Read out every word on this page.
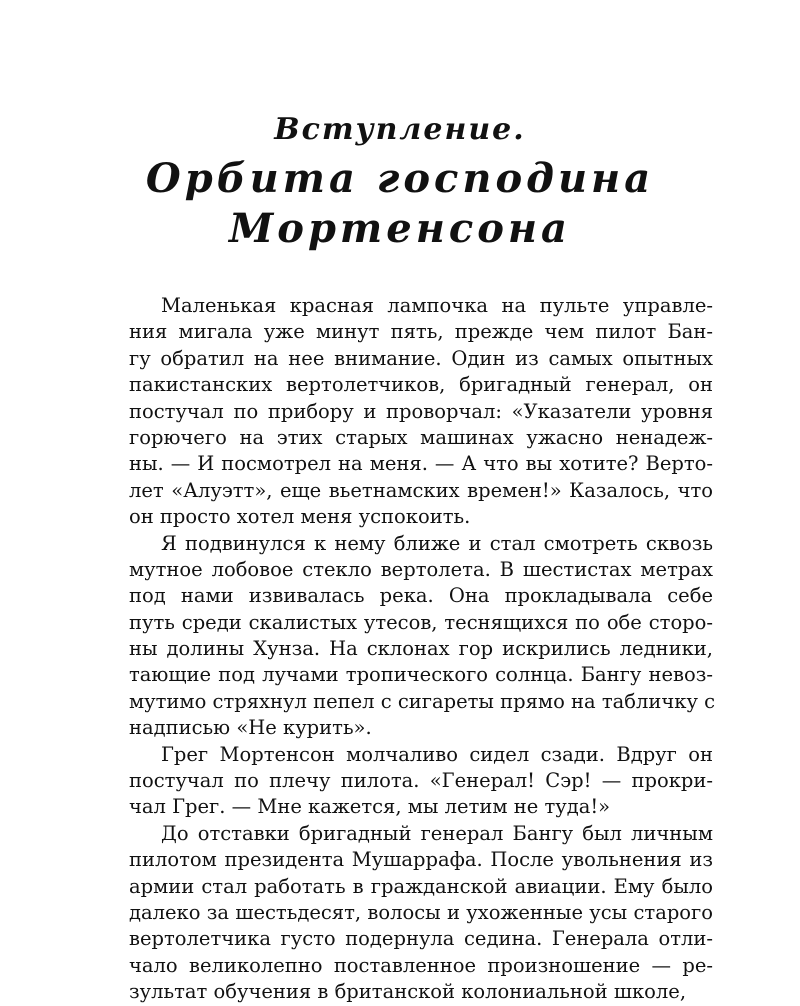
Вступление.
Орбита господина
Мортенсона
Маленькая красная лампочка на пульте управле-
ния мигала уже минут пять, прежде чем пилот Бан-
гу обратил на нее внимание. Один из самых опытных
пакистанских вертолетчиков, бригадный генерал, он
постучал по прибору и проворчал: «Указатели уровня
горючего на этих старых машинах ужасно ненадеж-
ны. — И посмотрел на меня. — А что вы хотите? Верто-
лет «Алуэтт», еще вьетнамских времен!» Казалось, что
он просто хотел меня успокоить.
Я подвинулся к нему ближе и стал смотреть сквозь
мутное лобовое стекло вертолета. В шестистах метрах
под нами извивалась река. Она прокладывала себе
путь среди скалистых утесов, теснящихся по обе сторо-
ны долины Хунза. На склонах гор искрились ледники,
тающие под лучами тропического солнца. Бангу невоз-
мутимо стряхнул пепел с сигареты прямо на табличку с
надписью «Не курить».
Грег Мортенсон молчаливо сидел сзади. Вдруг он
постучал по плечу пилота. «Генерал! Сэр! — прокри-
чал Грег. — Мне кажется, мы летим не туда!»
До отставки бригадный генерал Бангу был личным
пилотом президента Мушаррафа. После увольнения из
армии стал работать в гражданской авиации. Ему было
далеко за шестьдесят, волосы и ухоженные усы старого
вертолетчика густо подернула седина. Генерала отли-
чало великолепно поставленное произношение — ре-
зультат обучения в британской колониальной школе,
